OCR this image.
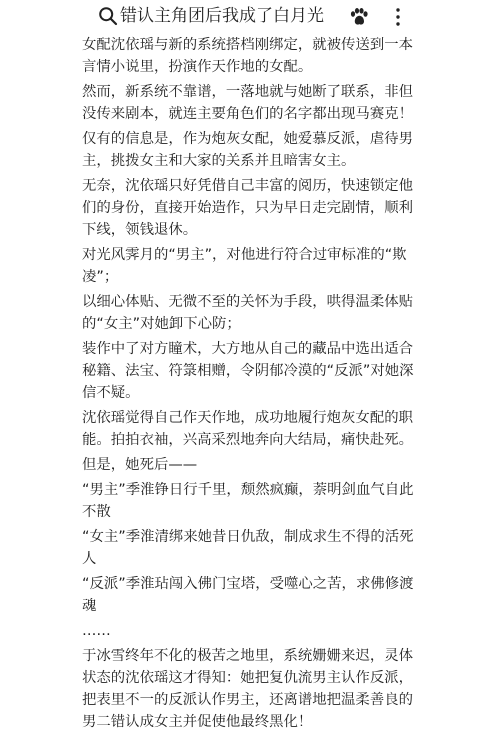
错认主角团后我成了白月光

女配沈依瑶与新的系统搭档刚绑定，就被传送到一本言情小说里，扮演作天作地的女配。

然而，新系统不靠谱，一落地就与她断了联系，非但没传来剧本，就连主要角色们的名字都出现马赛克！

仅有的信息是，作为炮灰女配，她爱慕反派，虐待男主，挑拨女主和大家的关系并且暗害女主。

无奈，沈依瑶只好凭借自己丰富的阅历，快速锁定他们的身份，直接开始造作，只为早日走完剧情，顺利下线，领钱退休。

对光风霁月的“男主”，对他进行符合过审标准的“欺凌”；

以细心体贴、无微不至的关怀为手段，哄得温柔体贴的“女主”对她卸下心防；

装作中了对方瞳术，大方地从自己的藏品中选出适合秘籍、法宝、符箓相赠，令阴郁冷漠的“反派”对她深信不疑。

沈依瑶觉得自己作天作地，成功地履行炮灰女配的职能。拍拍衣袖，兴高采烈地奔向大结局，痛快赴死。

但是，她死后——

“男主”季淮铮日行千里，颓然疯癫，萘明剑血气自此不散

“女主”季淮清绑来她昔日仇敌，制成求生不得的活死人

“反派”季淮玷闯入佛门宝塔，受噬心之苦，求佛修渡魂

……

于冰雪终年不化的极苦之地里，系统姗姗来迟，灵体状态的沈依瑶这才得知：她把复仇流男主认作反派，把表里不一的反派认作男主，还离谱地把温柔善良的男二错认成女主并促使他最终黑化！
